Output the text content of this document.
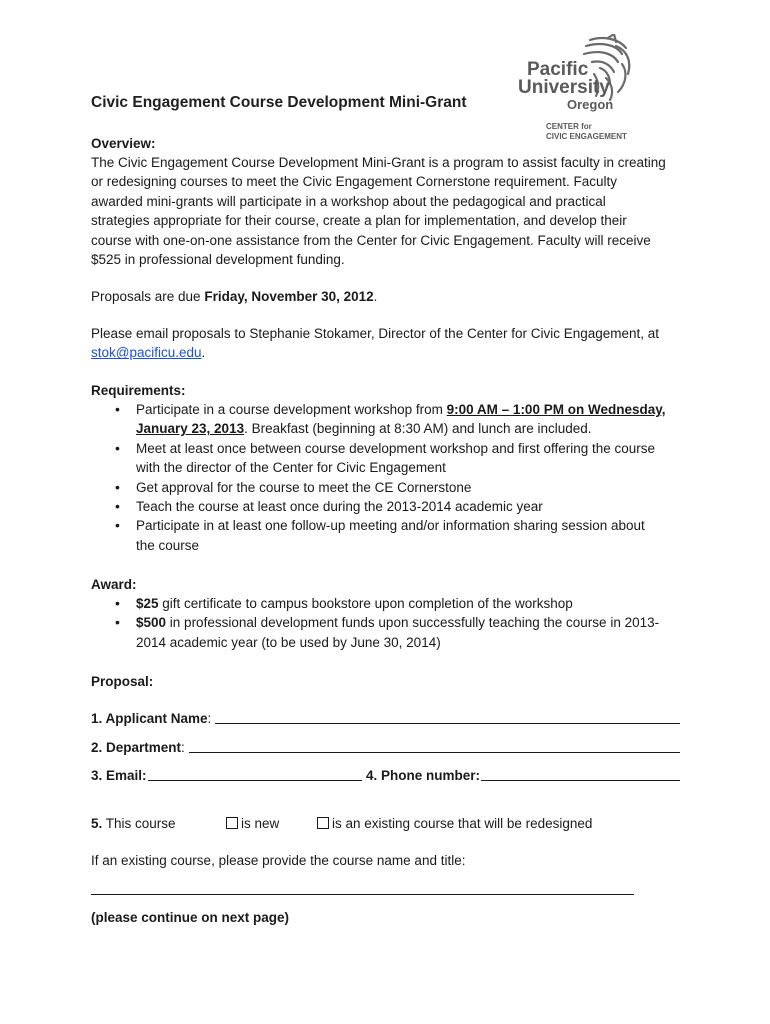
Pacific
University
Oregon
CENTER for
CIVIC ENGAGEMENT
Civic Engagement Course Development Mini-Grant
Overview:
The Civic Engagement Course Development Mini-Grant is a program to assist faculty in creating
or redesigning courses to meet the Civic Engagement Cornerstone requirement. Faculty
awarded mini-grants will participate in a workshop about the pedagogical and practical
strategies appropriate for their course, create a plan for implementation, and develop their
course with one-on-one assistance from the Center for Civic Engagement. Faculty will receive
$525 in professional development funding.
Proposals are due Friday, November 30, 2012.
Please email proposals to Stephanie Stokamer, Director of the Center for Civic Engagement, at
stok@pacificu.edu.
Requirements:
• Participate in a course development workshop from 9:00 AM – 1:00 PM on Wednesday,
January 23, 2013. Breakfast (beginning at 8:30 AM) and lunch are included.
• Meet at least once between course development workshop and first offering the course
with the director of the Center for Civic Engagement
• Get approval for the course to meet the CE Cornerstone
• Teach the course at least once during the 2013-2014 academic year
• Participate in at least one follow-up meeting and/or information sharing session about
the course
Award:
• $25 gift certificate to campus bookstore upon completion of the workshop
• $500 in professional development funds upon successfully teaching the course in 2013-
2014 academic year (to be used by June 30, 2014)
Proposal:
1. Applicant Name:
2. Department:
3. Email:	4. Phone number:
5. This course	is new	is an existing course that will be redesigned
If an existing course, please provide the course name and title:
(please continue on next page)
